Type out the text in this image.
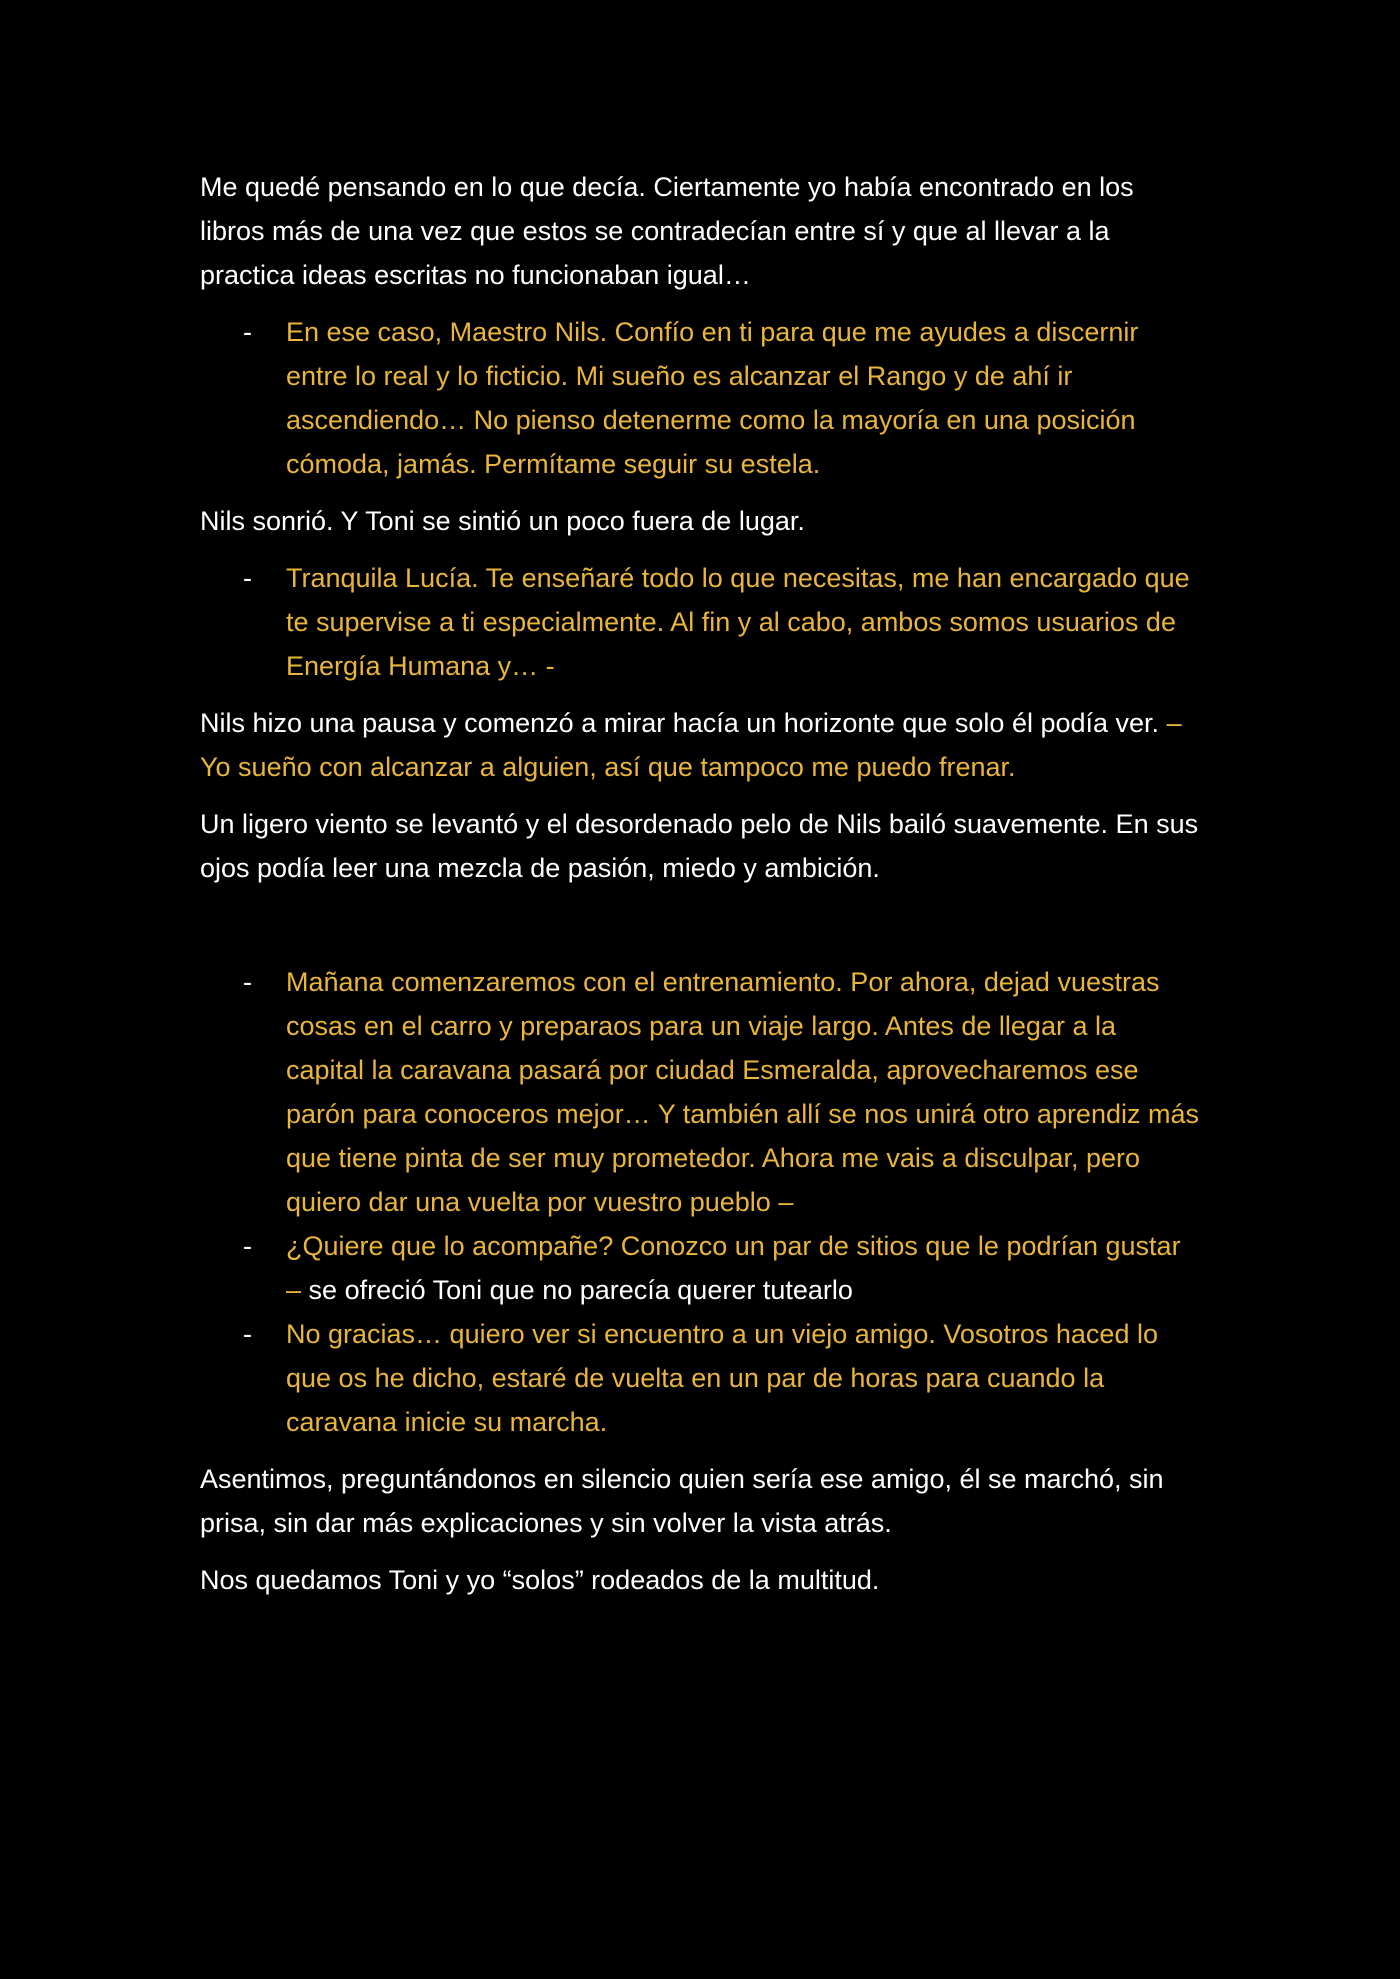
Me quedé pensando en lo que decía. Ciertamente yo había encontrado en los libros más de una vez que estos se contradecían entre sí y que al llevar a la practica ideas escritas no funcionaban igual…

-	En ese caso, Maestro Nils. Confío en ti para que me ayudes a discernir entre lo real y lo ficticio. Mi sueño es alcanzar el Rango y de ahí ir ascendiendo… No pienso detenerme como la mayoría en una posición cómoda, jamás. Permítame seguir su estela.

Nils sonrió. Y Toni se sintió un poco fuera de lugar.

-	Tranquila Lucía. Te enseñaré todo lo que necesitas, me han encargado que te supervise a ti especialmente. Al fin y al cabo, ambos somos usuarios de Energía Humana y… -

Nils hizo una pausa y comenzó a mirar hacía un horizonte que solo él podía ver. – Yo sueño con alcanzar a alguien, así que tampoco me puedo frenar.

Un ligero viento se levantó y el desordenado pelo de Nils bailó suavemente. En sus ojos podía leer una mezcla de pasión, miedo y ambición.

-	Mañana comenzaremos con el entrenamiento. Por ahora, dejad vuestras cosas en el carro y preparaos para un viaje largo. Antes de llegar a la capital la caravana pasará por ciudad Esmeralda, aprovecharemos ese parón para conoceros mejor… Y también allí se nos unirá otro aprendiz más que tiene pinta de ser muy prometedor. Ahora me vais a disculpar, pero quiero dar una vuelta por vuestro pueblo –
-	¿Quiere que lo acompañe? Conozco un par de sitios que le podrían gustar – se ofreció Toni que no parecía querer tutearlo
-	No gracias… quiero ver si encuentro a un viejo amigo. Vosotros haced lo que os he dicho, estaré de vuelta en un par de horas para cuando la caravana inicie su marcha.

Asentimos, preguntándonos en silencio quien sería ese amigo, él se marchó, sin prisa, sin dar más explicaciones y sin volver la vista atrás.

Nos quedamos Toni y yo “solos” rodeados de la multitud.
